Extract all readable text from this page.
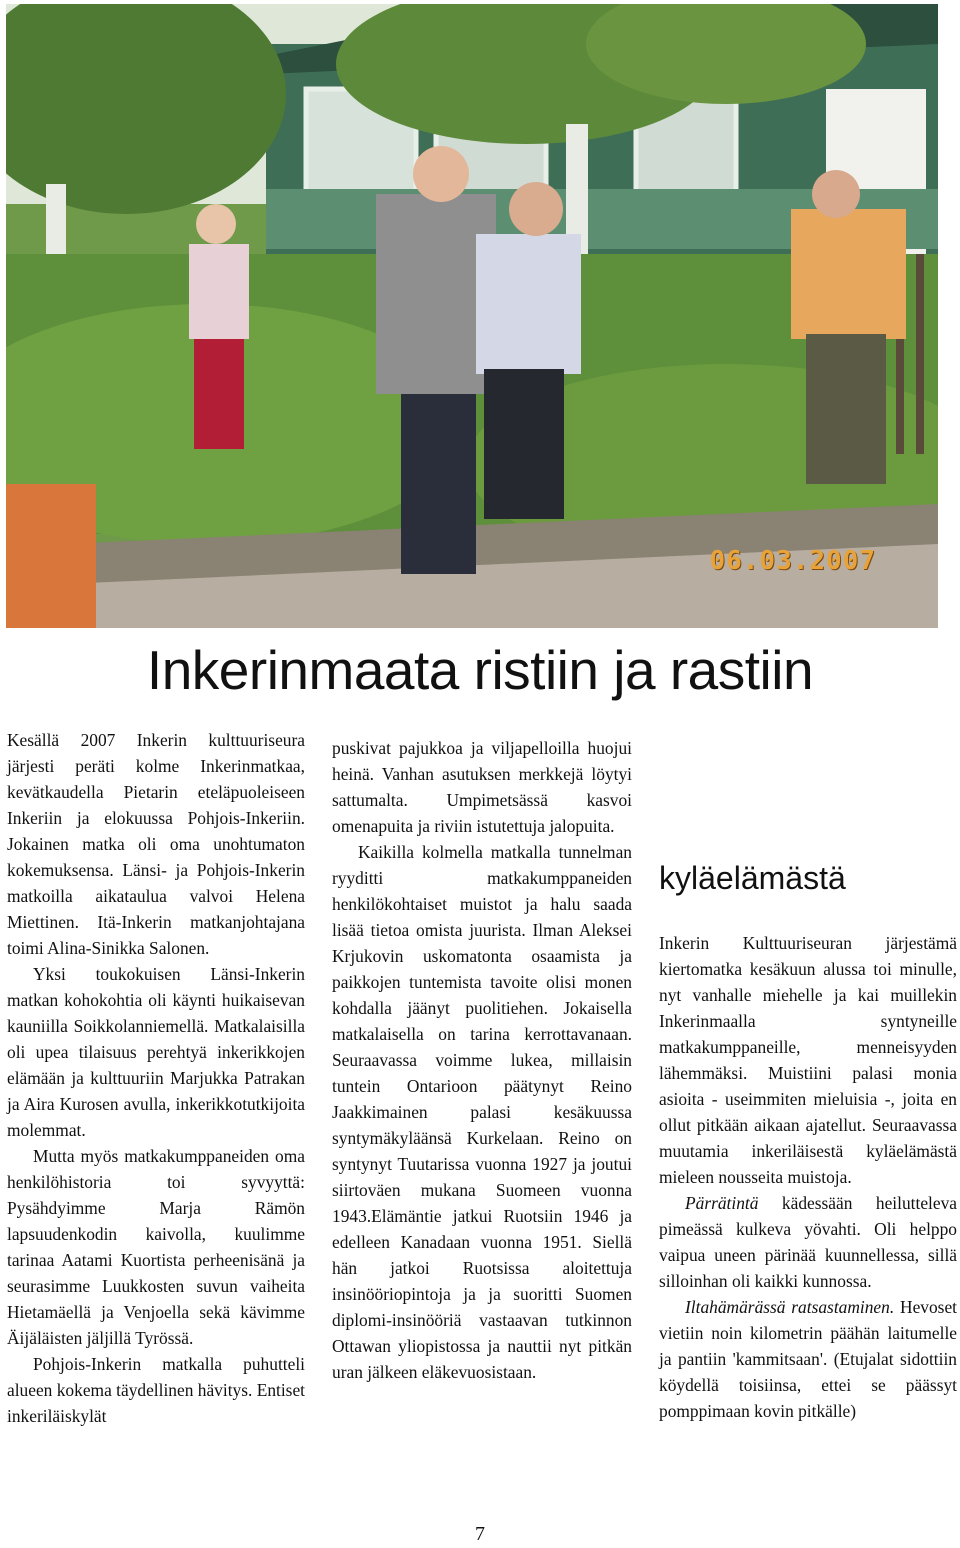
06.03.2007
Inkerinmaata ristiin ja rastiin

Kesällä 2007 Inkerin kulttuuriseura järjesti peräti kolme Inkerinmatkaa, kevätkaudella Pietarin eteläpuoleiseen Inkeriin ja elokuussa Pohjois-Inkeriin. Jokainen matka oli oma unohtumaton kokemuksensa. Länsi- ja Pohjois-Inkerin matkoilla aikataulua valvoi Helena Miettinen. Itä-Inkerin matkanjohtajana toimi Alina-Sinikka Salonen.

Yksi toukokuisen Länsi-Inkerin matkan kohokohtia oli käynti huikaisevan kauniilla Soikkolanniemellä. Matkalaisilla oli upea tilaisuus perehtyä inkerikkojen elämään ja kulttuuriin Marjukka Patrakan ja Aira Kurosen avulla, inkerikkotutkijoita molemmat.

Mutta myös matkakumppaneiden oma henkilöhistoria toi syvyyttä: Pysähdyimme Marja Rämön lapsuudenkodin kaivolla, kuulimme tarinaa Aatami Kuortista perheenisänä ja seurasimme Luukkosten suvun vaiheita Hietamäellä ja Venjoella sekä kävimme Äijäläisten jäljillä Tyrössä.

Pohjois-Inkerin matkalla puhutteli alueen kokema täydellinen hävitys. Entiset inkeriläiskylät

puskivat pajukkoa ja viljapelloilla huojui heinä. Vanhan asutuksen merkkejä löytyi sattumalta. Umpimetsässä kasvoi omenapuita ja riviin istutettuja jalopuita.

Kaikilla kolmella matkalla tunnelman ryyditti matkakumppaneiden henkilökohtaiset muistot ja halu saada lisää tietoa omista juurista. Ilman Aleksei Krjukovin uskomatonta osaamista ja paikkojen tuntemista tavoite olisi monen kohdalla jäänyt puolitiehen. Jokaisella matkalaisella on tarina kerrottavanaan. Seuraavassa voimme lukea, millaisin tuntein Ontarioon päätynyt Reino Jaakkimainen palasi kesäkuussa syntymäkyläänsä Kurkelaan. Reino on syntynyt Tuutarissa vuonna 1927 ja joutui siirtoväen mukana Suomeen vuonna 1943.Elämäntie jatkui Ruotsiin 1946 ja edelleen Kanadaan vuonna 1951. Siellä hän jatkoi Ruotsissa aloitettuja insinööriopintoja ja ja suoritti Suomen diplomi-insinööriä vastaavan tutkinnon Ottawan yliopistossa ja nauttii nyt pitkän uran jälkeen eläkevuosistaan.

kyläelämästä

Inkerin Kulttuuriseuran järjestämä kiertomatka kesäkuun alussa toi minulle, nyt vanhalle miehelle ja kai muillekin Inkerinmaalla syntyneille matkakumppaneille, menneisyyden lähemmäksi. Muistiini palasi monia asioita - useimmiten mieluisia -, joita en ollut pitkään aikaan ajatellut. Seuraavassa muutamia inkeriläisestä kyläelämästä mieleen nousseita muistoja.

Pärrätintä kädessään heilutteleva pimeässä kulkeva yövahti. Oli helppo vaipua uneen pärinää kuunnellessa, sillä silloinhan oli kaikki kunnossa.

Iltahämärässä ratsastaminen. Hevoset vietiin noin kilometrin päähän laitumelle ja pantiin 'kammitsaan'. (Etujalat sidottiin köydellä toisiinsa, ettei se päässyt pomppimaan kovin pitkälle)

7
